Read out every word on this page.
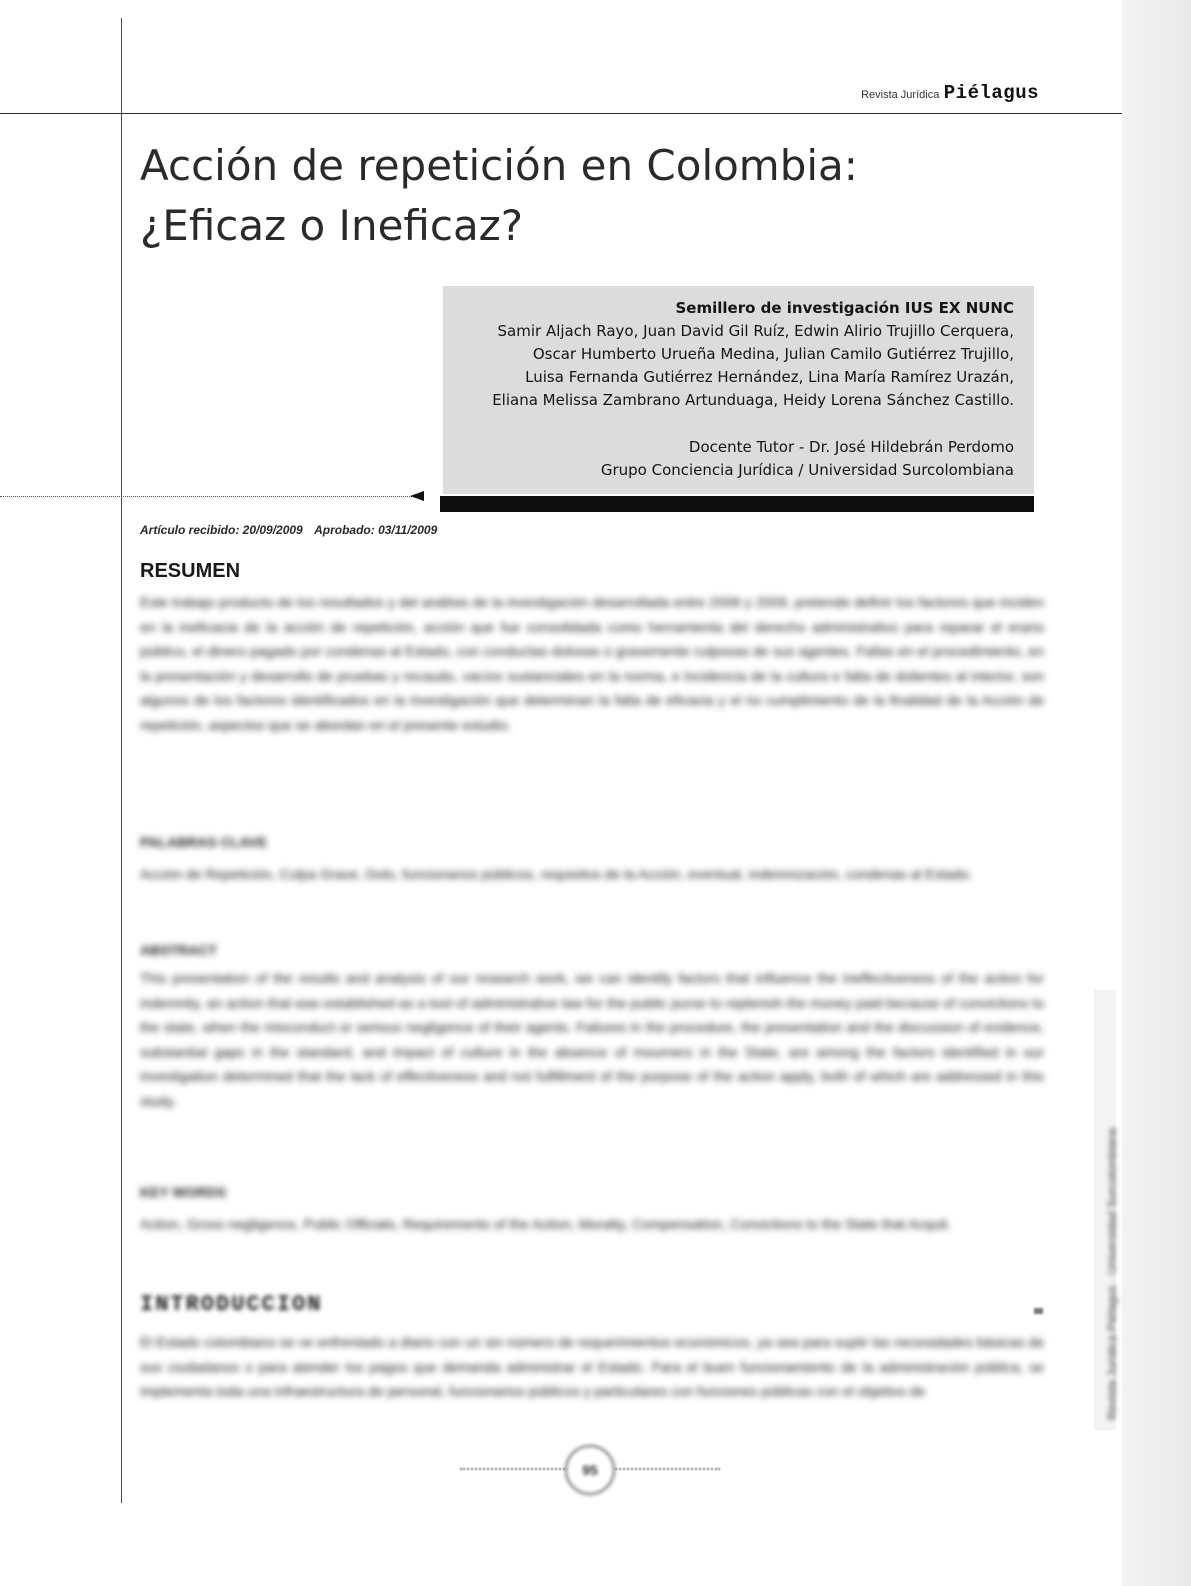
Revista Jurídica Piélagus
Acción de repetición en Colombia:
¿Eficaz o Ineficaz?
Semillero de investigación IUS EX NUNC
Samir Aljach Rayo, Juan David Gil Ruíz, Edwin Alirio Trujillo Cerquera,
Oscar Humberto Urueña Medina, Julian Camilo Gutiérrez Trujillo,
Luisa Fernanda Gutiérrez Hernández, Lina María Ramírez Urazán,
Eliana Melissa Zambrano Artunduaga, Heidy Lorena Sánchez Castillo.
Docente Tutor - Dr. José Hildebrán Perdomo
Grupo Conciencia Jurídica / Universidad Surcolombiana
Artículo recibido: 20/09/2009 Aprobado: 03/11/2009
RESUMEN
Este trabajo producto de los resultados y del análisis de la investigación desarrollada entre 2008 y 2009, pretende definir los factores que inciden en la ineficacia de la acción de repetición, acción que fue consolidada como herramienta del derecho administrativo para reparar el erario público, el dinero pagado por condenas al Estado, con conductas dolosas o gravemente culposas de sus agentes. Fallas en el procedimiento, en la presentación y desarrollo de pruebas y recaudo, vacíos sustanciales en la norma, e incidencia de la cultura e falta de dolientes al interior, son algunos de los factores identificados en la investigación que determinan la falta de eficacia y el no cumplimiento de la finalidad de la Acción de repetición, aspectos que se abordan en el presente estudio.
PALABRAS CLAVE
Acción de Repetición, Culpa Grave, Dolo, funcionarios públicos, requisitos de la Acción, eventual, indemnización, condenas al Estado.
ABSTRACT
This presentation of the results and analysis of our research work, we can identify factors that influence the ineffectiveness of the action for indemnity, an action that was established as a tool of administrative law for the public purse to replenish the money paid because of convictions to the state, when the misconduct or serious negligence of their agents. Failures in the procedure, the presentation and the discussion of evidence, substantial gaps in the standard, and impact of culture in the absence of mourners in the State, are among the factors identified in our investigation determined that the lack of effectiveness and not fulfillment of the purpose of the action apply, both of which are addressed in this study.
KEY WORDS
Action, Gross negligence, Public Officials, Requirements of the Action, Moratty, Compensation, Convictions to the State that Acquit.
INTRODUCCION
El Estado colombiano se ve enfrentado a diario con un sin número de requerimientos económicos, ya sea para suplir las necesidades básicas de sus ciudadanos o para atender los pagos que demanda administrar el Estado. Para el buen funcionamiento de la administración pública, se implementa toda una infraestructura de personal, funcionarios públicos y particulares con funciones públicas con el objetivo de	Revista Jurídica Piélagus · Universidad Surcolombiana
95
